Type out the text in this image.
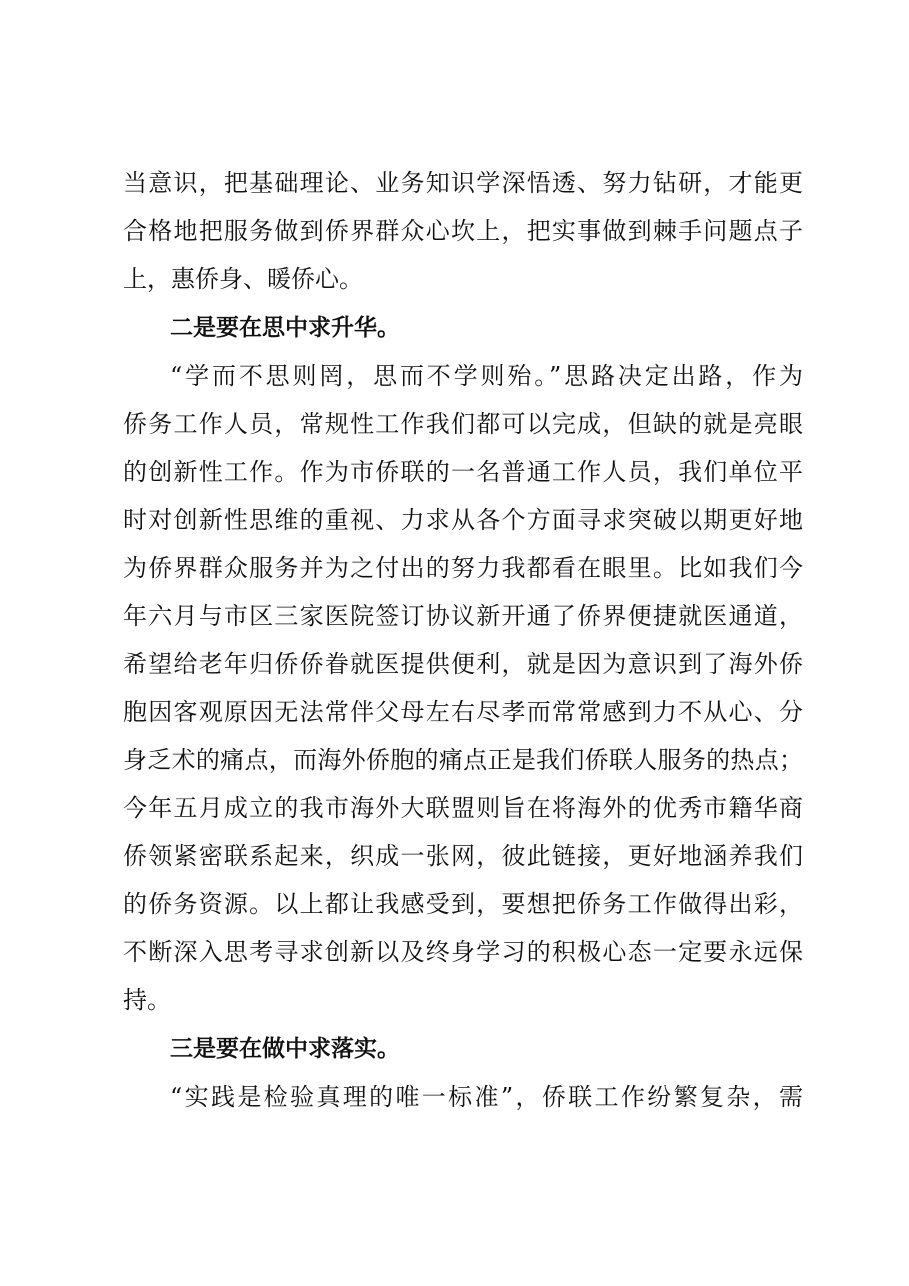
当意识，把基础理论、业务知识学深悟透、努力钻研，才能更
合格地把服务做到侨界群众心坎上，把实事做到棘手问题点子
上，惠侨身、暖侨心。
二是要在思中求升华。
“学而不思则罔，思而不学则殆。”思路决定出路，作为
侨务工作人员，常规性工作我们都可以完成，但缺的就是亮眼
的创新性工作。作为市侨联的一名普通工作人员，我们单位平
时对创新性思维的重视、力求从各个方面寻求突破以期更好地
为侨界群众服务并为之付出的努力我都看在眼里。比如我们今
年六月与市区三家医院签订协议新开通了侨界便捷就医通道，
希望给老年归侨侨眷就医提供便利，就是因为意识到了海外侨
胞因客观原因无法常伴父母左右尽孝而常常感到力不从心、分
身乏术的痛点，而海外侨胞的痛点正是我们侨联人服务的热点；
今年五月成立的我市海外大联盟则旨在将海外的优秀市籍华商
侨领紧密联系起来，织成一张网，彼此链接，更好地涵养我们
的侨务资源。以上都让我感受到，要想把侨务工作做得出彩，
不断深入思考寻求创新以及终身学习的积极心态一定要永远保
持。
三是要在做中求落实。
“实践是检验真理的唯一标准”，侨联工作纷繁复杂，需
